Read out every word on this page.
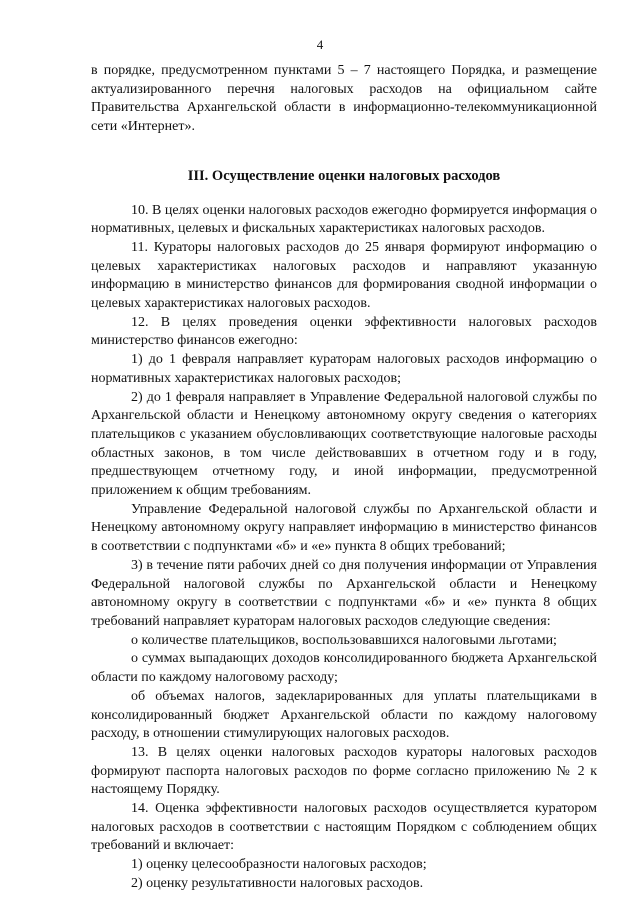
4

в порядке, предусмотренном пунктами 5 – 7 настоящего Порядка, и размещение актуализированного перечня налоговых расходов на официальном сайте Правительства Архангельской области в информационно-телекоммуникационной сети «Интернет».

III. Осуществление оценки налоговых расходов

10. В целях оценки налоговых расходов ежегодно формируется информация о нормативных, целевых и фискальных характеристиках налоговых расходов.

11. Кураторы налоговых расходов до 25 января формируют информацию о целевых характеристиках налоговых расходов и направляют указанную информацию в министерство финансов для формирования сводной информации о целевых характеристиках налоговых расходов.

12. В целях проведения оценки эффективности налоговых расходов министерство финансов ежегодно:

1) до 1 февраля направляет кураторам налоговых расходов информацию о нормативных характеристиках налоговых расходов;

2) до 1 февраля направляет в Управление Федеральной налоговой службы по Архангельской области и Ненецкому автономному округу сведения о категориях плательщиков с указанием обусловливающих соответствующие налоговые расходы областных законов, в том числе действовавших в отчетном году и в году, предшествующем отчетному году, и иной информации, предусмотренной приложением к общим требованиям.

Управление Федеральной налоговой службы по Архангельской области и Ненецкому автономному округу направляет информацию в министерство финансов в соответствии с подпунктами «б» и «е» пункта 8 общих требований;

3) в течение пяти рабочих дней со дня получения информации от Управления Федеральной налоговой службы по Архангельской области и Ненецкому автономному округу в соответствии с подпунктами «б» и «е» пункта 8 общих требований направляет кураторам налоговых расходов следующие сведения:

о количестве плательщиков, воспользовавшихся налоговыми льготами;

о суммах выпадающих доходов консолидированного бюджета Архангельской области по каждому налоговому расходу;

об объемах налогов, задекларированных для уплаты плательщиками в консолидированный бюджет Архангельской области по каждому налоговому расходу, в отношении стимулирующих налоговых расходов.

13. В целях оценки налоговых расходов кураторы налоговых расходов формируют паспорта налоговых расходов по форме согласно приложению № 2 к настоящему Порядку.

14. Оценка эффективности налоговых расходов осуществляется куратором налоговых расходов в соответствии с настоящим Порядком с соблюдением общих требований и включает:

1) оценку целесообразности налоговых расходов;

2) оценку результативности налоговых расходов.
